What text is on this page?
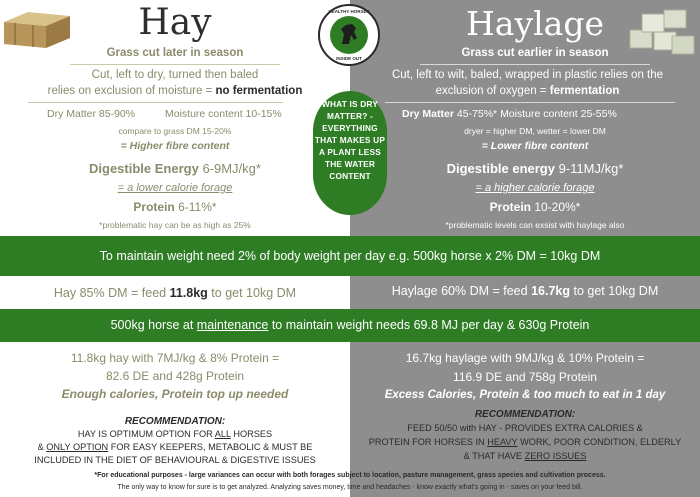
Hay	Haylage
HEALTHY HORSES
INSIDE OUT
Grass cut later in season
Cut, left to dry, turned then baled
relies on exclusion of moisture = no fermentation
Dry Matter 85-90%	Moisture content 10-15%
compare to grass DM 15-20%
= Higher fibre content
Digestible Energy 6-9MJ/kg*
= a lower calorie forage
Protein 6-11%*
*problematic hay can be as high as 25%
Grass cut earlier in season
Cut, left to wilt, baled, wrapped in plastic relies on the
exclusion of oxygen = fermentation
Dry Matter 45-75%* Moisture content 25-55%
dryer = higher DM, wetter = lower DM
= Lower fibre content
Digestible energy 9-11MJ/kg*
= a higher calorie forage
Protein 10-20%*
*problematic levels can exsist with haylage also
WHAT IS DRY MATTER? - EVERYTHING THAT MAKES UP A PLANT LESS THE WATER CONTENT
To maintain weight need 2% of body weight per day e.g. 500kg horse x 2% DM = 10kg DM
Hay 85% DM = feed 11.8kg to get 10kg DM	Haylage 60% DM = feed 16.7kg to get 10kg DM
500kg horse at maintenance to maintain weight needs 69.8 MJ per day & 630g Protein
11.8kg hay with 7MJ/kg & 8% Protein =
82.6 DE and 428g Protein
Enough calories, Protein top up needed
16.7kg haylage with 9MJ/kg & 10% Protein =
116.9 DE and 758g Protein
Excess Calories, Protein & too much to eat in 1 day
RECOMMENDATION:
HAY IS OPTIMUM OPTION FOR ALL HORSES
& ONLY OPTION FOR EASY KEEPERS, METABOLIC & MUST BE
INCLUDED IN THE DIET OF BEHAVIOURAL & DIGESTIVE ISSUES
RECOMMENDATION:
FEED 50/50 with HAY - PROVIDES EXTRA CALORIES &
PROTEIN FOR HORSES IN HEAVY WORK, POOR CONDITION, ELDERLY
& THAT HAVE ZERO ISSUES
*For educational purposes - large variances can occur with both forages subject to location, pasture management, grass species and cultivation process.
The only way to know for sure is to get analyzed. Analyzing saves money, time and headaches - know exactly what's going in - saves on your feed bill.
